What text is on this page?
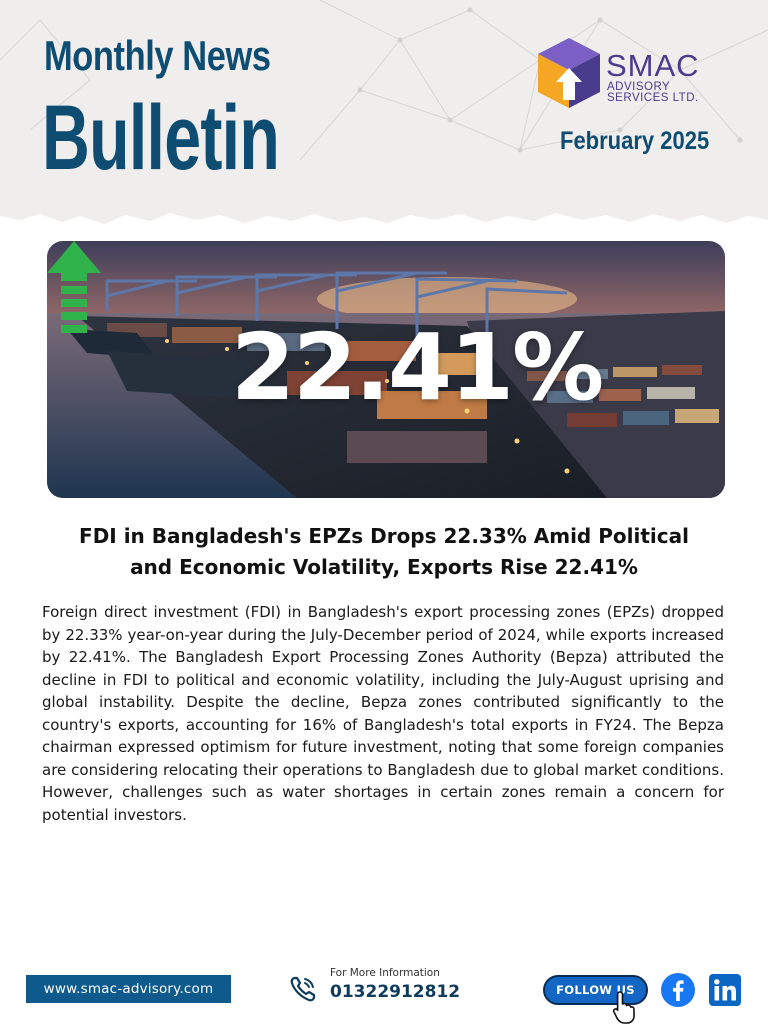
Monthly News
Bulletin
SMAC
ADVISORY
SERVICES LTD.
February 2025
22.41%
FDI in Bangladesh's EPZs Drops 22.33% Amid Political
and Economic Volatility, Exports Rise 22.41%

Foreign direct investment (FDI) in Bangladesh's export processing zones (EPZs) dropped by 22.33% year-on-year during the July-December period of 2024, while exports increased by 22.41%. The Bangladesh Export Processing Zones Authority (Bepza) attributed the decline in FDI to political and economic volatility, including the July-August uprising and global instability. Despite the decline, Bepza zones contributed significantly to the country's exports, accounting for 16% of Bangladesh's total exports in FY24. The Bepza chairman expressed optimism for future investment, noting that some foreign companies are considering relocating their operations to Bangladesh due to global market conditions. However, challenges such as water shortages in certain zones remain a concern for potential investors.

www.smac-advisory.com
For More Information
01322912812	FOLLOW US
